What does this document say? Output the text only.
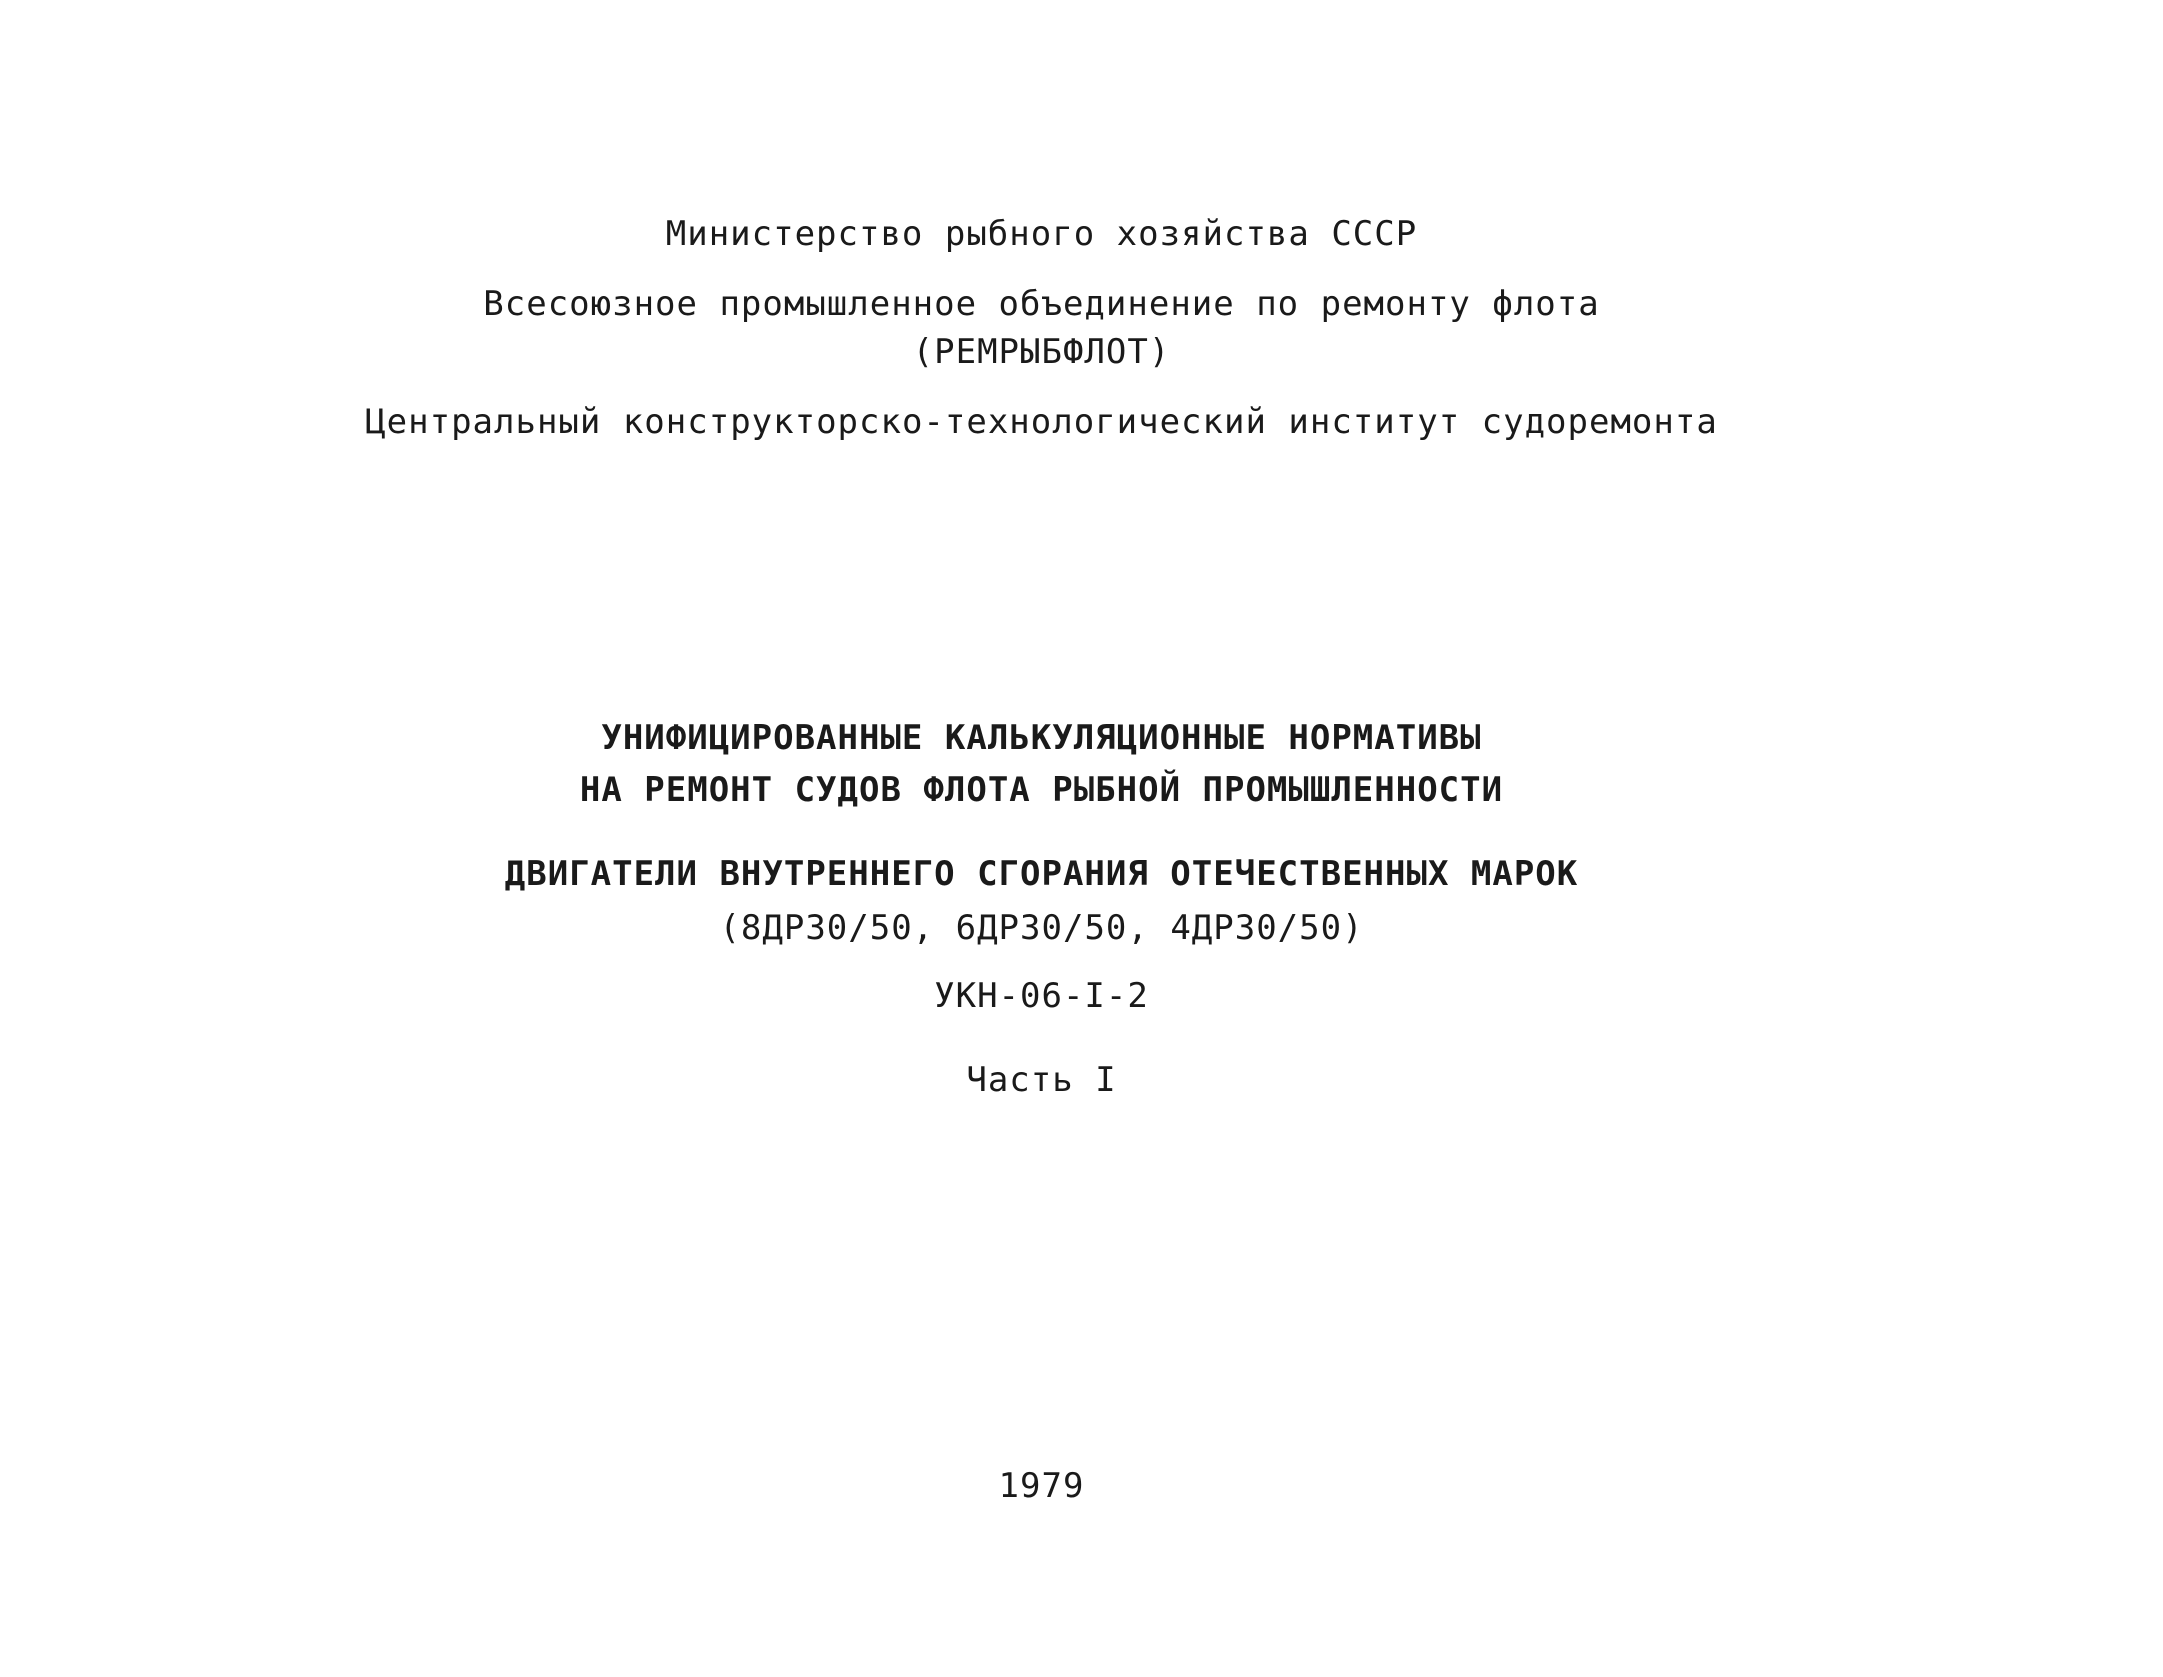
Министерство рыбного хозяйства СССР
Всесоюзное промышленное объединение по ремонту флота
(РЕМРЫБФЛОТ)
Центральный конструкторско-технологический институт судоремонта
УНИФИЦИРОВАННЫЕ КАЛЬКУЛЯЦИОННЫЕ НОРМАТИВЫ
НА РЕМОНТ СУДОВ ФЛОТА РЫБНОЙ ПРОМЫШЛЕННОСТИ
ДВИГАТЕЛИ ВНУТРЕННЕГО СГОРАНИЯ ОТЕЧЕСТВЕННЫХ МАРОК
(8ДР30/50, 6ДР30/50, 4ДР30/50)
УКН-06-I-2
Часть I
1979
